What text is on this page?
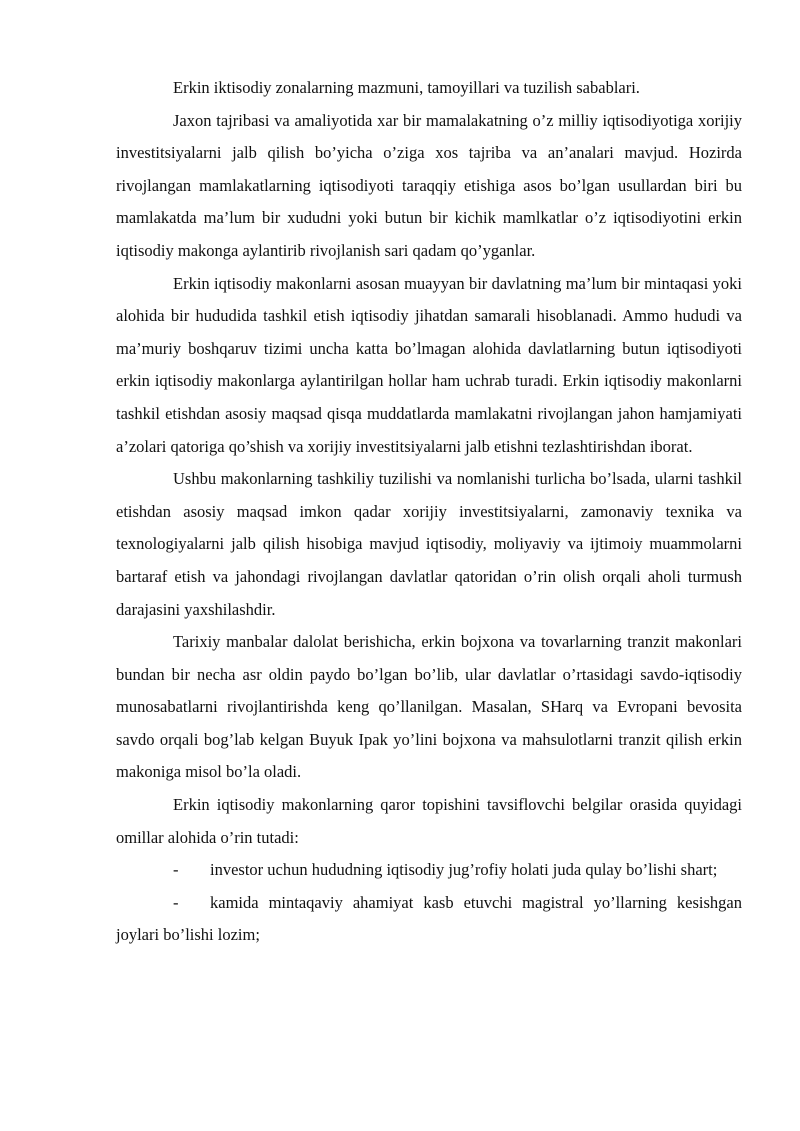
Erkin iktisodiy zonalarning mazmuni, tamoyillari va tuzilish sabablari.

Jaxon tajribasi va amaliyotida xar bir mamalakatning o’z milliy iqtisodiyotiga xorijiy investitsiyalarni jalb qilish bo’yicha o’ziga xos tajriba va an’analari mavjud. Hozirda rivojlangan mamlakatlarning iqtisodiyoti taraqqiy etishiga asos bo’lgan usullardan biri bu mamlakatda ma’lum bir xududni yoki butun bir kichik mamlkatlar o’z iqtisodiyotini erkin iqtisodiy makonga aylantirib rivojlanish sari qadam qo’yganlar.

Erkin iqtisodiy makonlarni asosan muayyan bir davlatning ma’lum bir mintaqasi yoki alohida bir hududida tashkil etish iqtisodiy jihatdan samarali hisoblanadi. Ammo hududi va ma’muriy boshqaruv tizimi uncha katta bo’lmagan alohida davlatlarning butun iqtisodiyoti erkin iqtisodiy makonlarga aylantirilgan hollar ham uchrab turadi. Erkin iqtisodiy makonlarni tashkil etishdan asosiy maqsad qisqa muddatlarda mamlakatni rivojlangan jahon hamjamiyati a’zolari qatoriga qo’shish va xorijiy investitsiyalarni jalb etishni tezlashtirishdan iborat.

Ushbu makonlarning tashkiliy tuzilishi va nomlanishi turlicha bo’lsada, ularni tashkil etishdan asosiy maqsad imkon qadar xorijiy investitsiyalarni, zamonaviy texnika va texnologiyalarni jalb qilish hisobiga mavjud iqtisodiy, moliyaviy va ijtimoiy muammolarni bartaraf etish va jahondagi rivojlangan davlatlar qatoridan o’rin olish orqali aholi turmush darajasini yaxshilashdir.

Tarixiy manbalar dalolat berishicha, erkin bojxona va tovarlarning tranzit makonlari bundan bir necha asr oldin paydo bo’lgan bo’lib, ular davlatlar o’rtasidagi savdo-iqtisodiy munosabatlarni rivojlantirishda keng qo’llanilgan. Masalan, SHarq va Evropani bevosita savdo orqali bog’lab kelgan Buyuk Ipak yo’lini bojxona va mahsulotlarni tranzit qilish erkin makoniga misol bo’la oladi.

Erkin iqtisodiy makonlarning qaror topishini tavsiflovchi belgilar orasida quyidagi omillar alohida o’rin tutadi:

- investor uchun hududning iqtisodiy jug’rofiy holati juda qulay bo’lishi shart;

- kamida mintaqaviy ahamiyat kasb etuvchi magistral yo’llarning kesishgan joylari bo’lishi lozim;
